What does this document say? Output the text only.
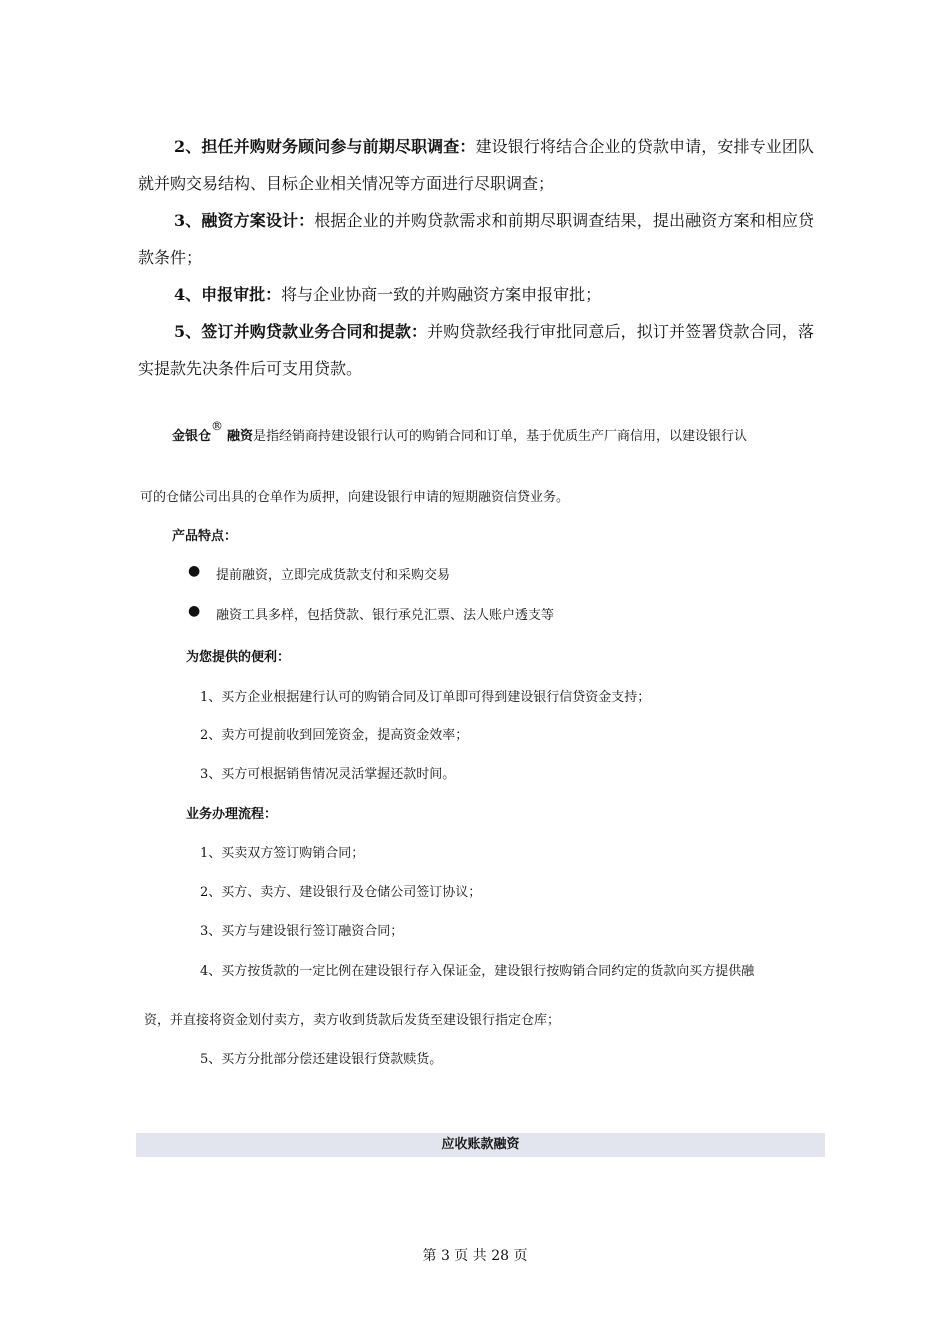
2、担任并购财务顾问参与前期尽职调查：建设银行将结合企业的贷款申请，安排专业团队就并购交易结构、目标企业相关情况等方面进行尽职调查；

3、融资方案设计：根据企业的并购贷款需求和前期尽职调查结果，提出融资方案和相应贷款条件；

4、申报审批：将与企业协商一致的并购融资方案申报审批；

5、签订并购贷款业务合同和提款：并购贷款经我行审批同意后，拟订并签署贷款合同，落实提款先决条件后可支用贷款。

金银仓®融资是指经销商持建设银行认可的购销合同和订单，基于优质生产厂商信用，以建设银行认
可的仓储公司出具的仓单作为质押，向建设银行申请的短期融资信贷业务。
产品特点：
● 提前融资，立即完成货款支付和采购交易
● 融资工具多样，包括贷款、银行承兑汇票、法人账户透支等
为您提供的便利：
1、买方企业根据建行认可的购销合同及订单即可得到建设银行信贷资金支持；
2、卖方可提前收到回笼资金，提高资金效率；
3、买方可根据销售情况灵活掌握还款时间。
业务办理流程：
1、买卖双方签订购销合同；
2、买方、卖方、建设银行及仓储公司签订协议；
3、买方与建设银行签订融资合同；
4、买方按货款的一定比例在建设银行存入保证金，建设银行按购销合同约定的货款向买方提供融
资，并直接将资金划付卖方，卖方收到货款后发货至建设银行指定仓库；
5、买方分批部分偿还建设银行贷款赎货。
应收账款融资
第 3 页 共 28 页
